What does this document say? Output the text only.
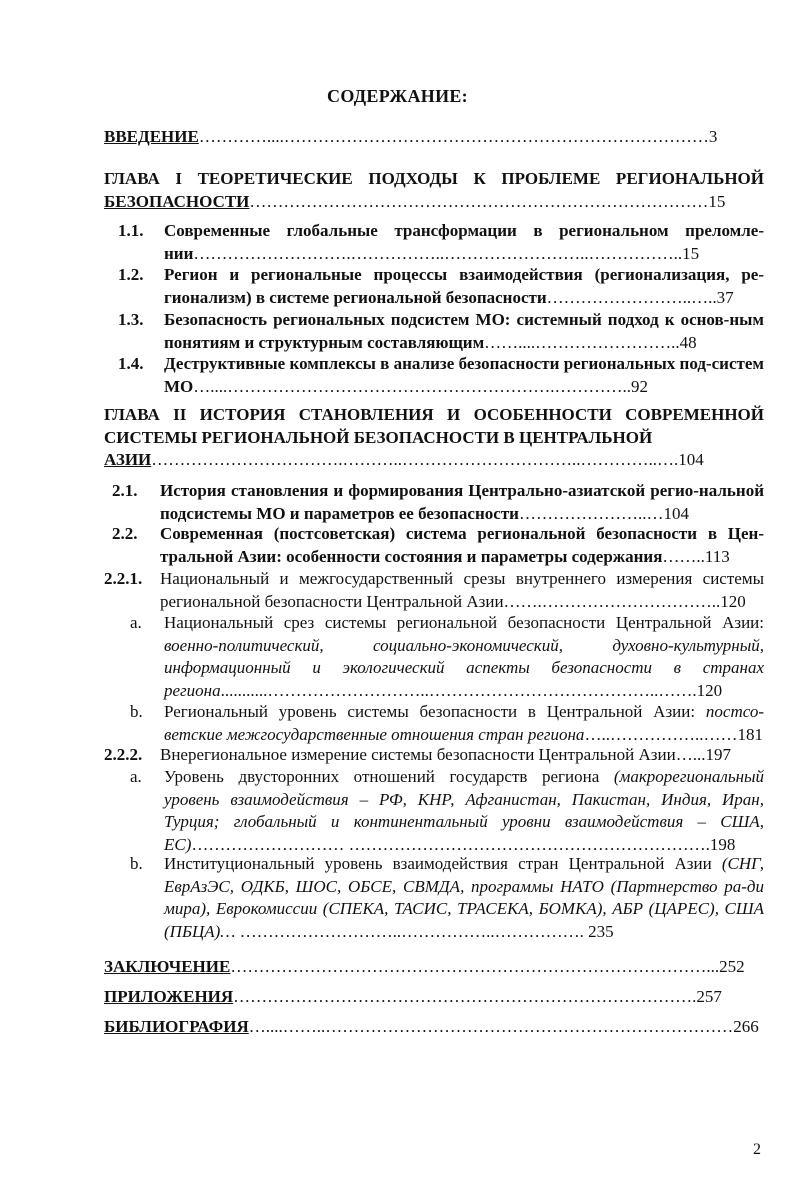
СОДЕРЖАНИЕ:
ВВЕДЕНИЕ…………....…………………………………………………………………3
ГЛАВА I ТЕОРЕТИЧЕСКИЕ ПОДХОДЫ К ПРОБЛЕМЕ РЕГИОНАЛЬНОЙ
БЕЗОПАСНОСТИ………………………………………………………………………15
1.1. Современные глобальные трансформации в региональном преломле-нии……………………….……………..……………………..……………..15
1.2. Регион и региональные процессы взаимодействия (регионализация, ре-гионализм) в системе региональной безопасности……………………..…..37
1.3. Безопасность региональных подсистем МО: системный подход к основ-ным понятиям и структурным составляющим……....……………………..48
1.4. Деструктивные комплексы в анализе безопасности региональных под-систем МО…....………………………………………………….…………..92
ГЛАВА II ИСТОРИЯ СТАНОВЛЕНИЯ И ОСОБЕННОСТИ СОВРЕМЕННОЙ СИСТЕМЫ РЕГИОНАЛЬНОЙ БЕЗОПАСНОСТИ В ЦЕНТРАЛЬНОЙ
АЗИИ…………………………….………..…………………………..…………..….104
2.1. История становления и формирования Центрально-азиатской регио-нальной подсистемы МО и параметров ее безопасности…………………..…104
2.2. Современная (постсоветская) система региональной безопасности в Цен-тральной Азии: особенности состояния и параметры содержания……..113
2.2.1. Национальный и межгосударственный срезы внутреннего измерения системы региональной безопасности Центральной Азии…….…………………………..120
a. Национальный срез системы региональной безопасности Центральной Азии: военно-политический, социально-экономический, духовно-культурный, информационный и экологический аспекты безопасности в странах региона...........………………………..…………………………………..…….120
b. Региональный уровень системы безопасности в Центральной Азии: постсо-ветские межгосударственные отношения стран региона…..……………..……181
2.2.2. Внерегиональное измерение системы безопасности Центральной Азии…...197
a. Уровень двусторонних отношений государств региона (макрорегиональный уровень взаимодействия – РФ, КНР, Афганистан, Пакистан, Индия, Иран, Турция; глобальный и континентальный уровни взаимодействия – США, ЕС)……………………… ……………………………………………………….198
b. Институциональный уровень взаимодействия стран Центральной Азии (СНГ, ЕврАзЭС, ОДКБ, ШОС, ОБСЕ, СВМДА, программы НАТО (Партнерство ра-ди мира), Еврокомиссии (СПЕКА, ТАСИС, ТРАСЕКА, БОМКА), АБР (ЦАРЕС), США (ПБЦА)… ………………………..……………..……………. 235
ЗАКЛЮЧЕНИЕ…………………………………………………………………………...252
ПРИЛОЖЕНИЯ……………………………………………………………………….257
БИБЛИОГРАФИЯ…....……..………………………………………………………………266
2
